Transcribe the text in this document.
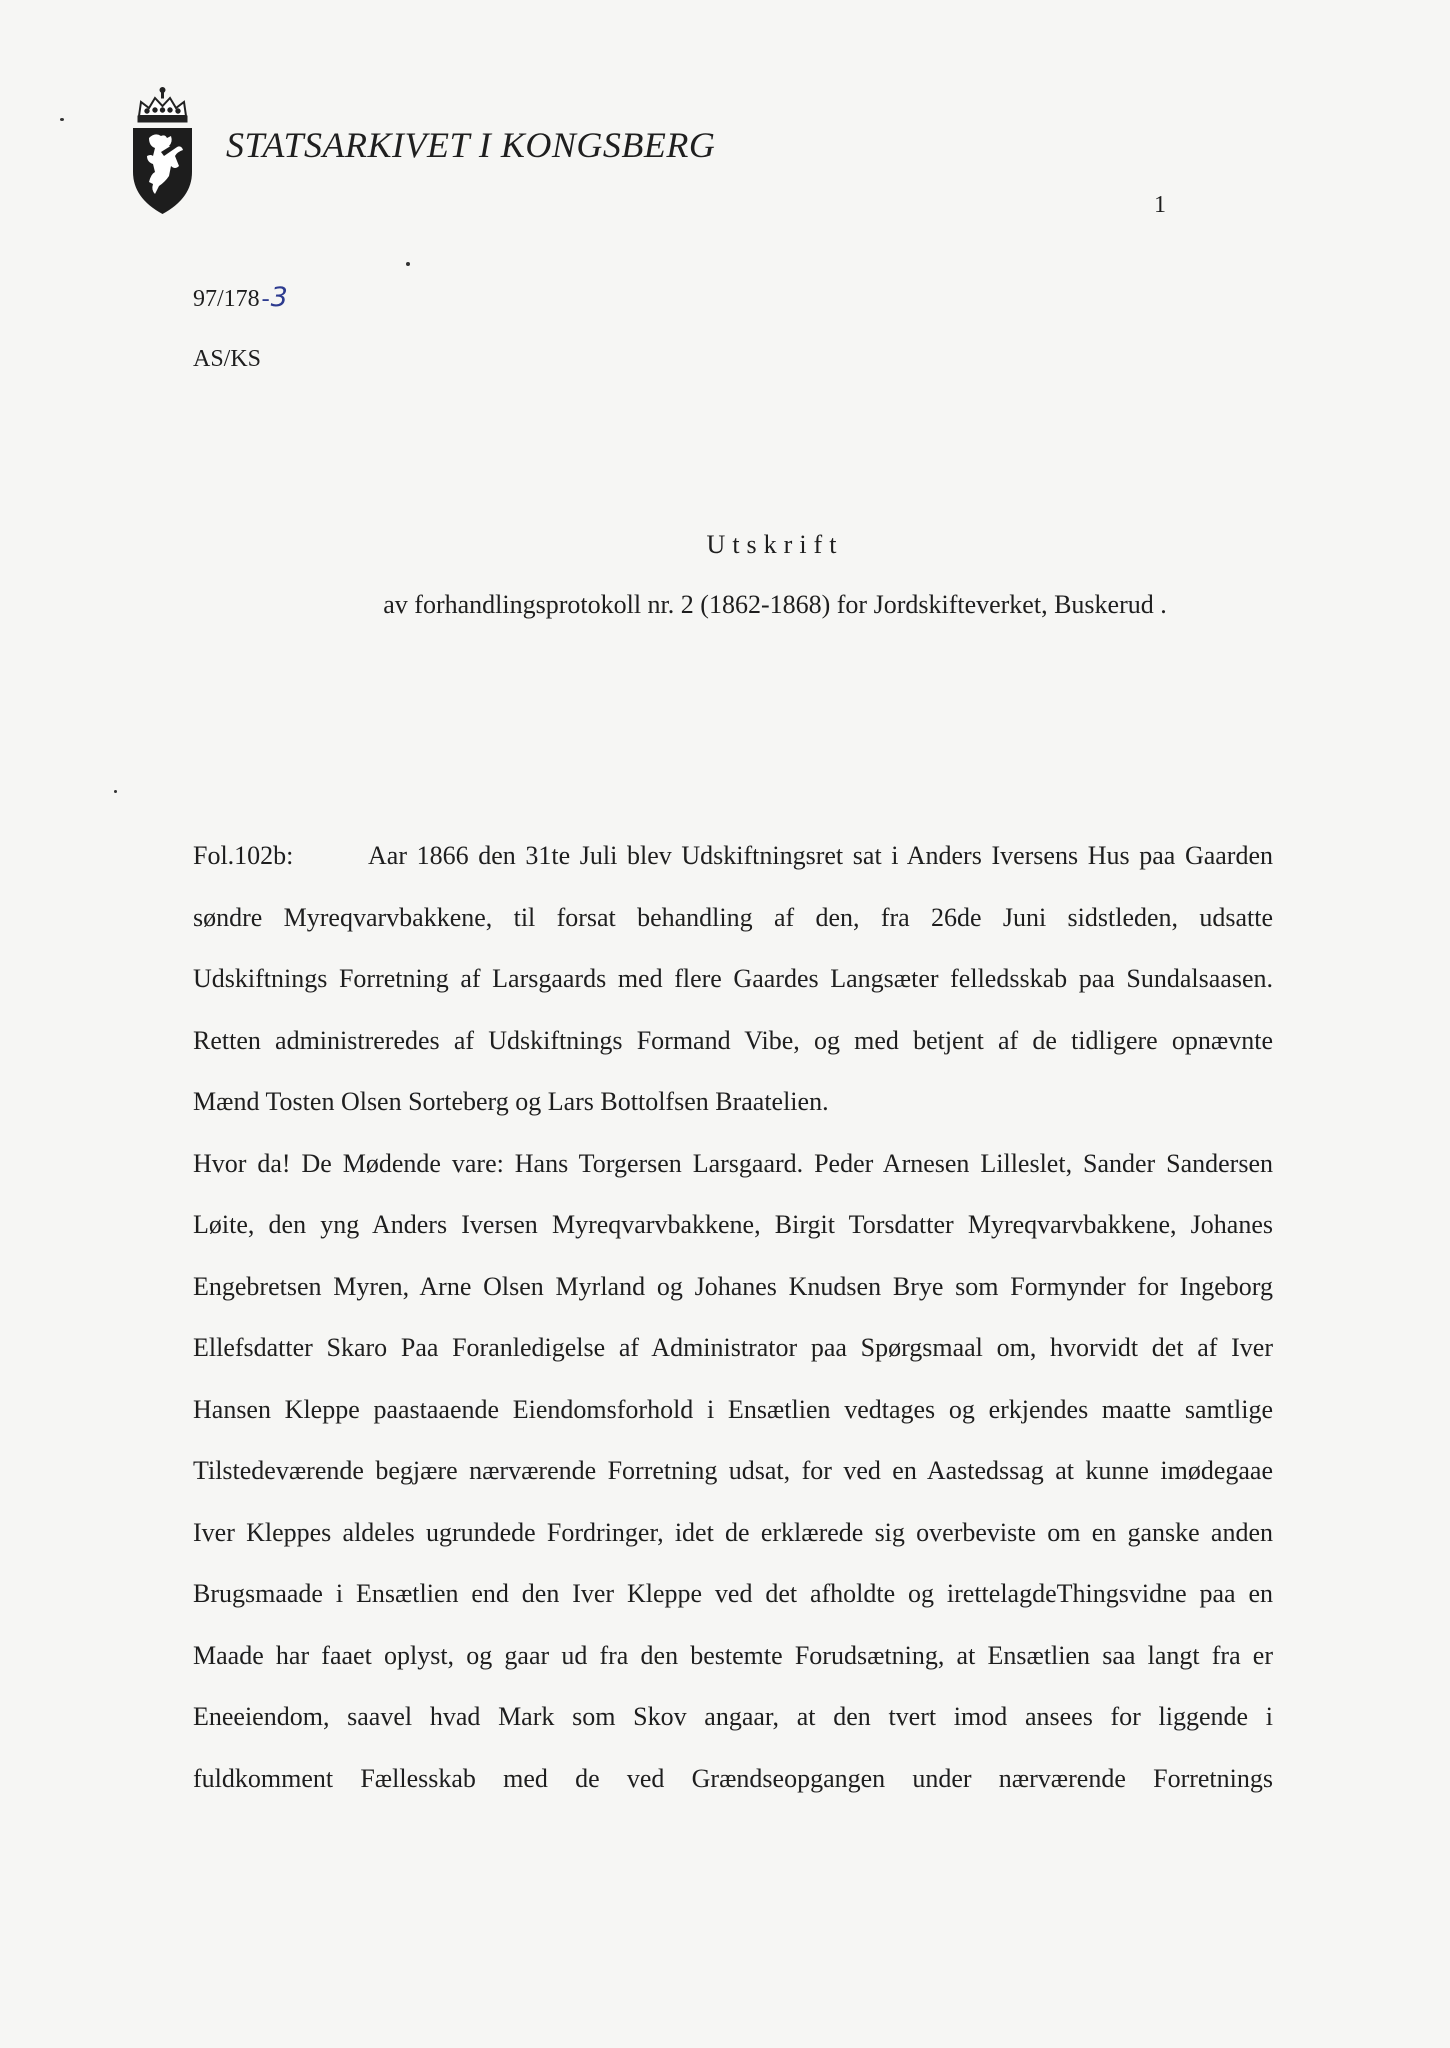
STATSARKIVET I KONGSBERG
1
97/178-3
AS/KS
Utskrift
av forhandlingsprotokoll nr. 2 (1862-1868) for Jordskifteverket, Buskerud .
Fol.102b:	Aar 1866 den 31te Juli blev Udskiftningsret sat i Anders Iversens Hus paa Gaarden
søndre Myreqvarvbakkene, til forsat behandling af den, fra 26de Juni sidstleden, udsatte
Udskiftnings Forretning af Larsgaards med flere Gaardes Langsæter felledsskab paa Sundalsaasen.
Retten administreredes af Udskiftnings Formand Vibe, og med betjent af de tidligere opnævnte
Mænd Tosten Olsen Sorteberg og Lars Bottolfsen Braatelien.
Hvor da! De Mødende vare: Hans Torgersen Larsgaard. Peder Arnesen Lilleslet, Sander Sandersen
Løite, den yng Anders Iversen Myreqvarvbakkene, Birgit Torsdatter Myreqvarvbakkene, Johanes
Engebretsen Myren, Arne Olsen Myrland og Johanes Knudsen Brye som Formynder for Ingeborg
Ellefsdatter Skaro Paa Foranledigelse af Administrator paa Spørgsmaal om, hvorvidt det af Iver
Hansen Kleppe paastaaende Eiendomsforhold i Ensætlien vedtages og erkjendes maatte samtlige
Tilstedeværende begjære nærværende Forretning udsat, for ved en Aastedssag at kunne imødegaae
Iver Kleppes aldeles ugrundede Fordringer, idet de erklærede sig overbeviste om en ganske anden
Brugsmaade i Ensætlien end den Iver Kleppe ved det afholdte og irettelagdeThingsvidne paa en
Maade har faaet oplyst, og gaar ud fra den bestemte Forudsætning, at Ensætlien saa langt fra er
Eneeiendom, saavel hvad Mark som Skov angaar, at den tvert imod ansees for liggende i
fuldkomment Fællesskab med de ved Grændseopgangen under nærværende Forretnings
